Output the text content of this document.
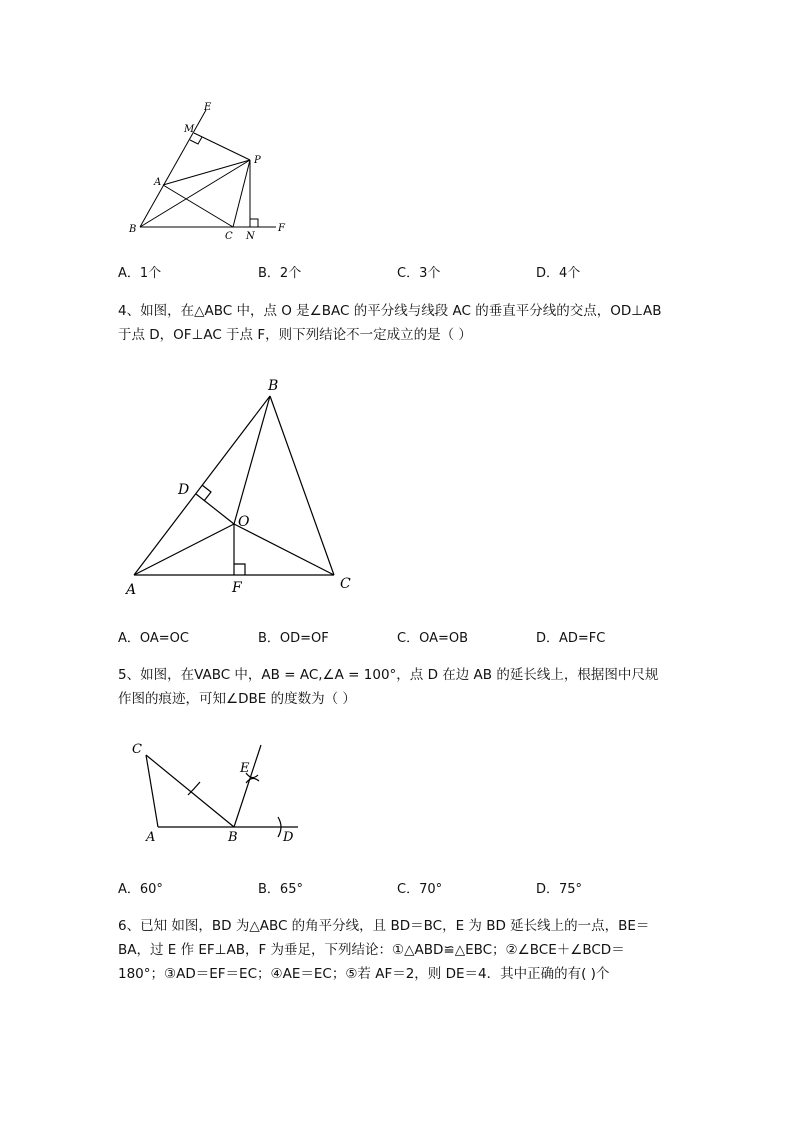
E
M
P
A
B
C N
F
A．1个	B．2个	C．3个	D．4个
4、如图，在△ABC 中，点 O 是∠BAC 的平分线与线段 AC 的垂直平分线的交点，OD⊥AB
于点 D，OF⊥AC 于点 F，则下列结论不一定成立的是（ ）
B
D
O
A	F	C
A．OA=OC	B．OD=OF	C．OA=OB	D．AD=FC
5、如图，在VABC 中，AB = AC,∠A = 100°，点 D 在边 AB 的延长线上，根据图中尺规
作图的痕迹，可知∠DBE 的度数为（ ）
C
E
A	B	D
A．60°	B．65°	C．70°	D．75°
6、已知 如图，BD 为△ABC 的角平分线，且 BD＝BC，E 为 BD 延长线上的一点，BE＝
BA，过 E 作 EF⊥AB，F 为垂足，下列结论：①△ABD≌△EBC；②∠BCE＋∠BCD＝
180°；③AD＝EF＝EC；④AE＝EC；⑤若 AF＝2，则 DE＝4．其中正确的有( )个
